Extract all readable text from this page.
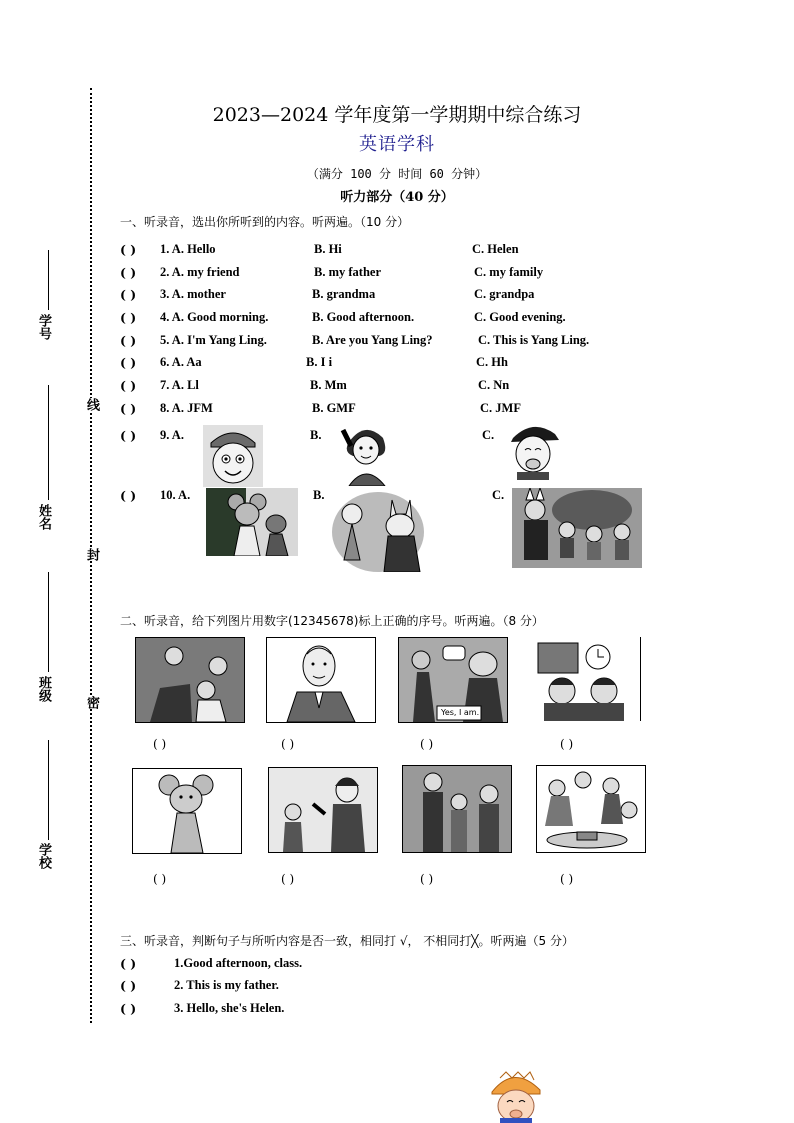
学号
姓名
班级
学校
线
封
密
2023—2024 学年度第一学期期中综合练习
英语学科
（满分 100 分 时间 60 分钟）
听力部分（40 分）
一、听录音，选出你所听到的内容。听两遍。（10 分）
( ) 1. A. Hello	B. Hi	C. Helen
( ) 2. A. my friend	B. my father	C. my family
( ) 3. A. mother	B. grandma	C. grandpa
( ) 4. A. Good morning.	B. Good afternoon.	C. Good evening.
( ) 5. A. I'm Yang Ling.	B. Are you Yang Ling?	C. This is Yang Ling.
( ) 6. A. Aa	B. I i	C. Hh
( ) 7. A. Ll	B. Mm	C. Nn
( ) 8. A. JFM	B. GMF	C. JMF
( ) 9. A.	B.	C.
( ) 10. A.	B.	C.
二、听录音，给下列图片用数字(12345678)标上正确的序号。听两遍。（8 分）
Yes, I am.
( )	( )	( )	( )
( )	( )	( )	( )
三、听录音，判断句子与所听内容是否一致，相同打 √， 不相同打╳。听两遍（5 分）
( )	1.Good afternoon, class.
( )	2. This is my father.
( )	3. Hello, she's Helen.
